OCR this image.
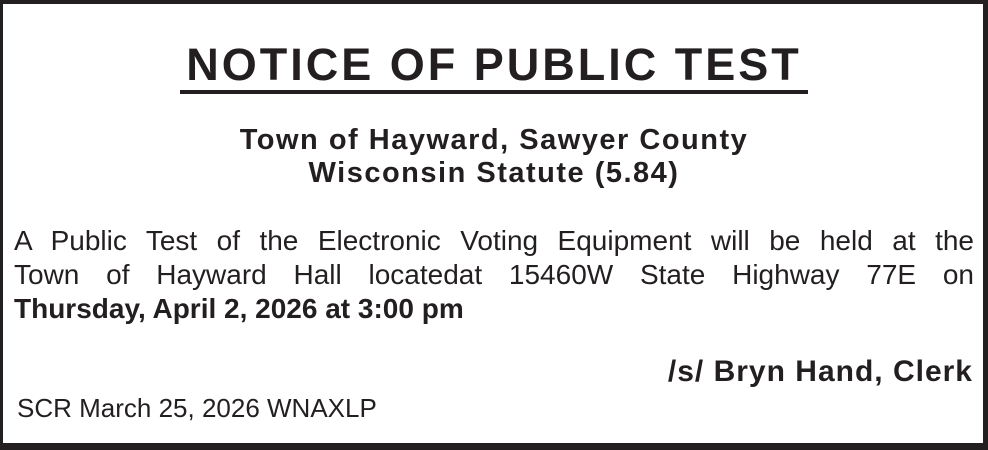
NOTICE OF PUBLIC TEST
Town of Hayward, Sawyer County
Wisconsin Statute (5.84)
A Public Test of the Electronic Voting Equipment will be held at the
Town of Hayward Hall locatedat 15460W State Highway 77E on
Thursday, April 2, 2026 at 3:00 pm
/s/ Bryn Hand, Clerk
SCR March 25, 2026 WNAXLP
